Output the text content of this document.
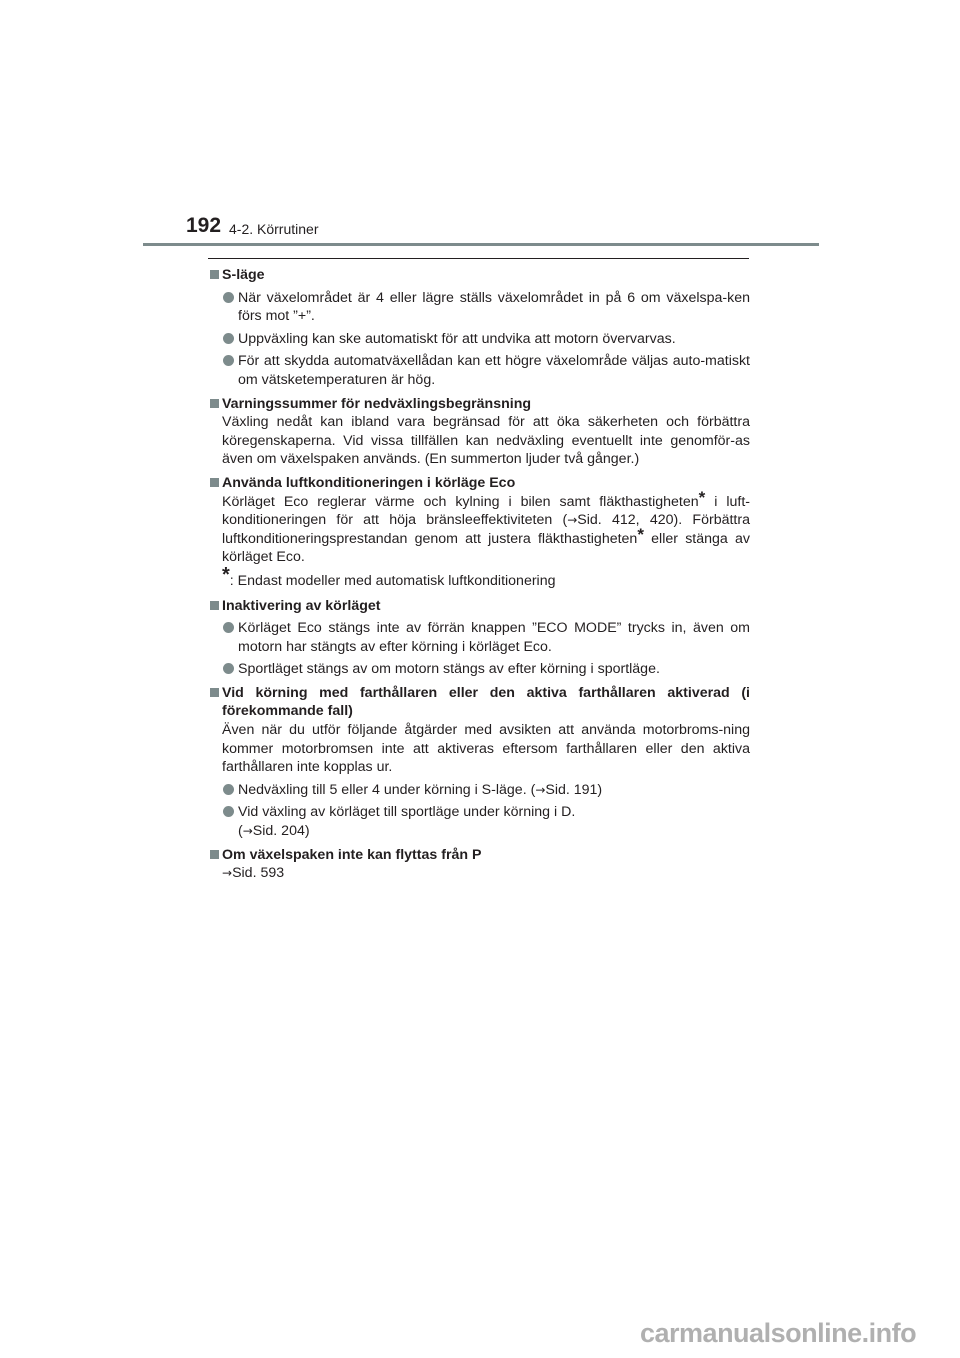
192 4-2. Körrutiner
S-läge
När växelområdet är 4 eller lägre ställs växelområdet in på 6 om växelspa-ken förs mot ”+”.
Uppväxling kan ske automatiskt för att undvika att motorn övervarvas.
För att skydda automatväxellådan kan ett högre växelområde väljas auto-matiskt om vätsketemperaturen är hög.
Varningssummer för nedväxlingsbegränsning
Växling nedåt kan ibland vara begränsad för att öka säkerheten och förbättra köregenskaperna. Vid vissa tillfällen kan nedväxling eventuellt inte genomför-as även om växelspaken används. (En summerton ljuder två gånger.)
Använda luftkonditioneringen i körläge Eco
Körläget Eco reglerar värme och kylning i bilen samt fläkthastigheten* i luft-konditioneringen för att höja bränsleeffektiviteten (→Sid. 412, 420). Förbättra luftkonditioneringsprestandan genom att justera fläkthastigheten* eller stänga av körläget Eco.
*: Endast modeller med automatisk luftkonditionering
Inaktivering av körläget
Körläget Eco stängs inte av förrän knappen ”ECO MODE” trycks in, även om motorn har stängts av efter körning i körläget Eco.
Sportläget stängs av om motorn stängs av efter körning i sportläge.
Vid körning med farthållaren eller den aktiva farthållaren aktiverad (i förekommande fall)
Även när du utför följande åtgärder med avsikten att använda motorbroms-ning kommer motorbromsen inte att aktiveras eftersom farthållaren eller den aktiva farthållaren inte kopplas ur.
Nedväxling till 5 eller 4 under körning i S-läge. (→Sid. 191)
Vid växling av körläget till sportläge under körning i D.
(→Sid. 204)
Om växelspaken inte kan flyttas från P
→Sid. 593
carmanualsonline.info
